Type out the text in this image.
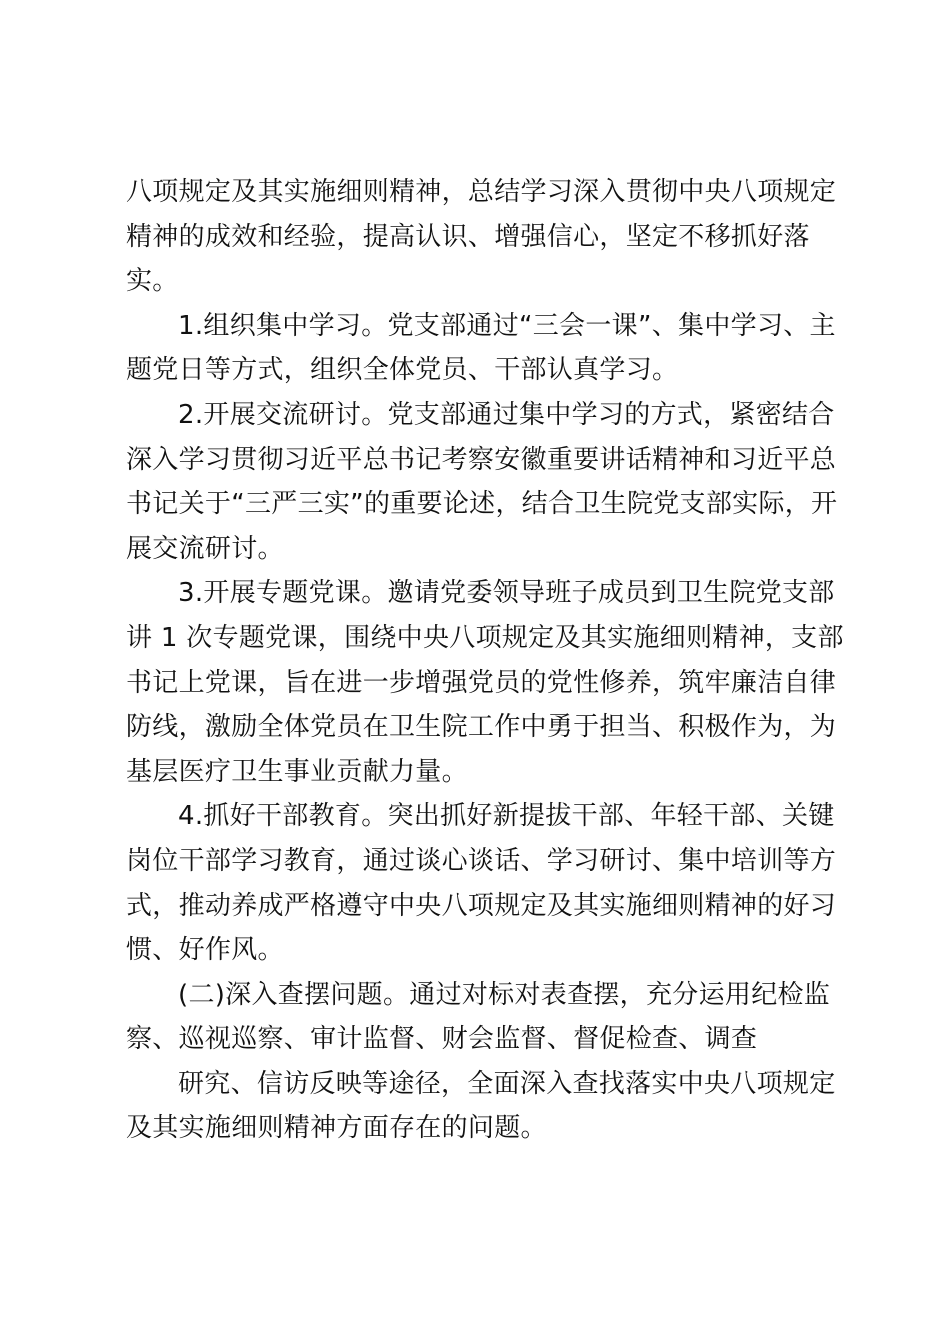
八项规定及其实施细则精神，总结学习深入贯彻中央八项规定
精神的成效和经验，提高认识、增强信心，坚定不移抓好落
实。
1.组织集中学习。党支部通过“三会一课”、集中学习、主
题党日等方式，组织全体党员、干部认真学习。
2.开展交流研讨。党支部通过集中学习的方式，紧密结合
深入学习贯彻习近平总书记考察安徽重要讲话精神和习近平总
书记关于“三严三实”的重要论述，结合卫生院党支部实际，开
展交流研讨。
3.开展专题党课。邀请党委领导班子成员到卫生院党支部
讲 1 次专题党课，围绕中央八项规定及其实施细则精神，支部
书记上党课，旨在进一步增强党员的党性修养，筑牢廉洁自律
防线，激励全体党员在卫生院工作中勇于担当、积极作为，为
基层医疗卫生事业贡献力量。
4.抓好干部教育。突出抓好新提拔干部、年轻干部、关键
岗位干部学习教育，通过谈心谈话、学习研讨、集中培训等方
式，推动养成严格遵守中央八项规定及其实施细则精神的好习
惯、好作风。
(二)深入查摆问题。通过对标对表查摆，充分运用纪检监
察、巡视巡察、审计监督、财会监督、督促检查、调查
研究、信访反映等途径，全面深入查找落实中央八项规定
及其实施细则精神方面存在的问题。
